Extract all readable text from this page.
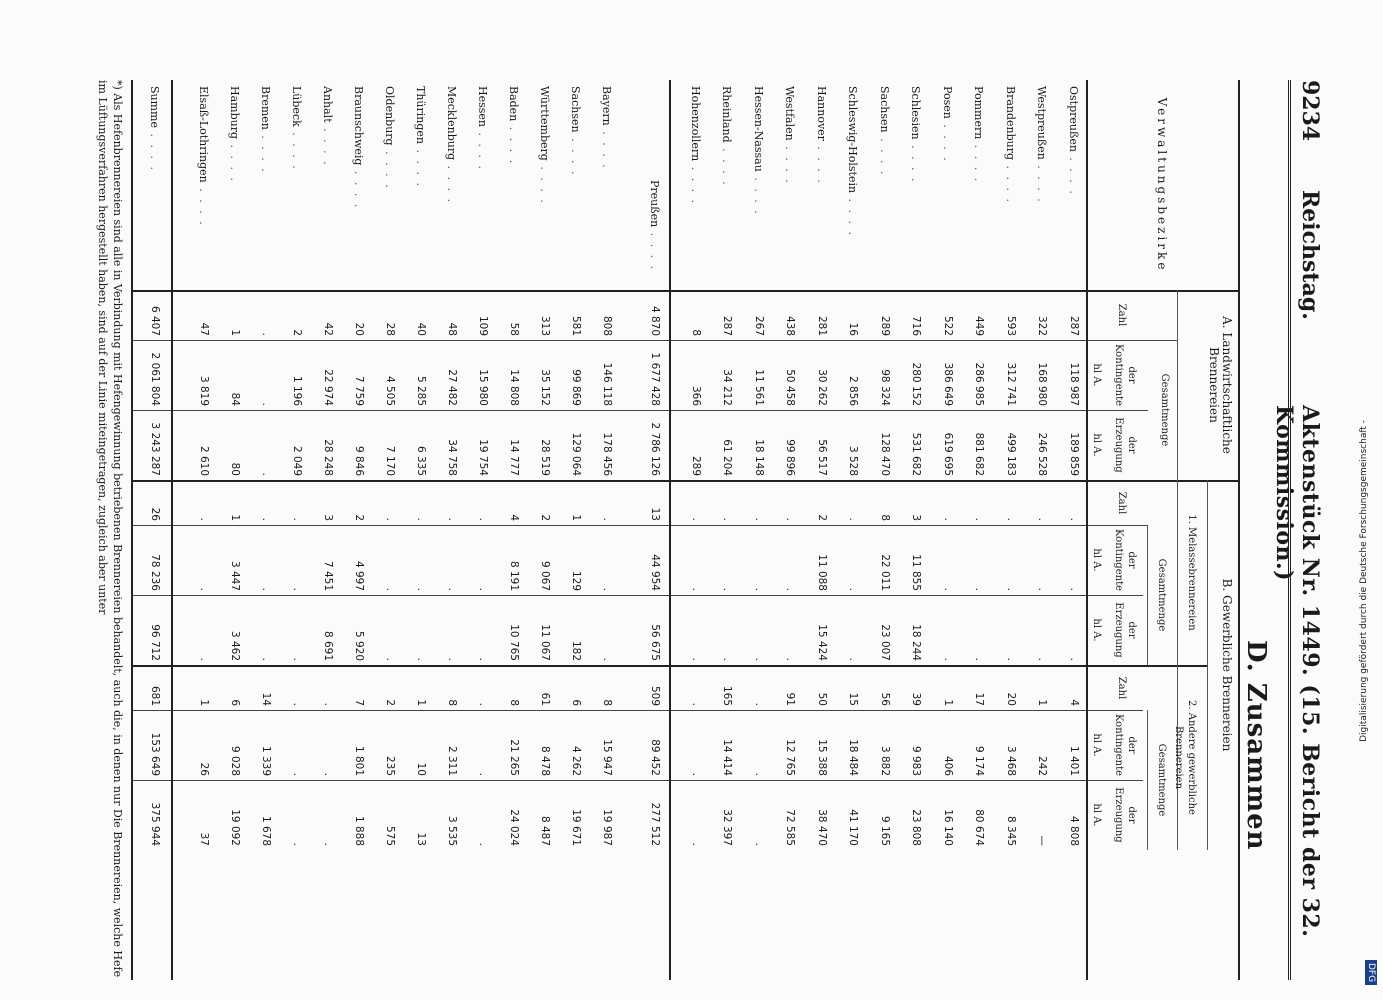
DFG
Digitalisierung gefördert durch die Deutsche Forschungsgemeinschaft -
9234
Reichstag.
Aktenstück Nr. 1449. (15. Bericht der 32. Kommission.)
D. Zusammen
Verwaltungsbezirke
A. Landwirtschaftliche Brennereien
B. Gewerbliche Brennereien
1. Melassebrennereien
2. Andere gewerbliche Brennereien
Gesamtmenge
Gesamtmenge
Gesamtmenge
Zahl
der Kontingente
der Erzeugung
Zahl
der Kontingente
der Erzeugung
Zahl
der Kontingente
der Erzeugung
hl A.
hl A.
hl A.
hl A.
hl A.
hl A.
Ostpreußen . . . .
287
118 987
189 859
.
.
.
4
1 401
4 808
Westpreußen . . . .
322
168 980
246 528
.
.
.
1
242
—
Brandenburg . . . .
593
312 741
499 183
.
.
.
20
3 468
8 345
Pommern . . . .
449
286 985
881 682
.
.
.
17
9 174
80 674
Posen . . . .
522
386 649
619 695
.
.
.
1
406
16 140
Schlesien . . . .
716
280 152
531 682
3
11 855
18 244
39
9 983
23 808
Sachsen . . . .
289
98 324
128 470
8
22 011
23 007
56
3 882
9 165
Schleswig-Holstein . . . .
16
2 856
3 528
.
.
.
15
18 484
41 170
Hannover . . . .
281
30 262
56 517
2
11 088
15 424
50
15 388
38 470
Westfalen . . . .
438
50 458
99 896
.
.
.
91
12 765
72 585
Hessen-Nassau . . . .
267
11 561
18 148
.
.
.
.
.
.
Rheinland . . . .
287
34 212
61 204
.
.
.
165
14 414
32 397
Hohenzollern . . . .
8
366
289
.
.
.
.
.
.
Preußen . . . .
4 870
1 677 428
2 786 126
13
44 954
56 675
509
89 452
277 512
Bayern . . . .
808
146 118
178 456
.
.
.
8
15 947
19 987
Sachsen . . . .
581
99 869
129 064
1
129
182
6
4 262
19 671
Württemberg . . . .
313
35 152
28 519
2
9 067
11 067
61
8 478
8 487
Baden . . . .
58
14 808
14 777
4
8 191
10 765
8
21 265
24 024
Hessen . . . .
109
15 980
19 754
.
.
.
.
.
.
Mecklenburg . . . .
48
27 482
34 758
.
.
.
8
2 311
3 535
Thüringen . . . .
40
5 285
6 335
.
.
.
1
10
13
Oldenburg . . . .
28
4 505
7 170
.
.
.
2
235
575
Braunschweig . . . .
20
7 759
9 846
2
4 997
5 920
7
1 801
1 888
Anhalt . . . .
42
22 974
28 248
3
7 451
8 691
.
.
.
Lübeck . . . .
2
1 196
2 049
.
.
.
.
.
.
Bremen . . . .
.
.
.
.
.
.
14
1 339
1 678
Hamburg . . . .
1
84
80
1
3 447
3 462
6
9 028
19 092
Elsaß-Lothringen . . . .
47
3 819
2 610
.
.
.
1
26
37
Summe . . . .
6 407
2 061 804
3 243 287
26
78 236
96 712
681
153 649
375 944
*) Als Hefenbrennereien sind alle in Verbindung mit Hefengewinnung betriebenen Brennereien behandelt, auch die, in denen nur Die Brennereien, welche Hefe im Lüftungsverfahren hergestellt haben, sind auf der Linie miteingetragen, zugleich aber unter
